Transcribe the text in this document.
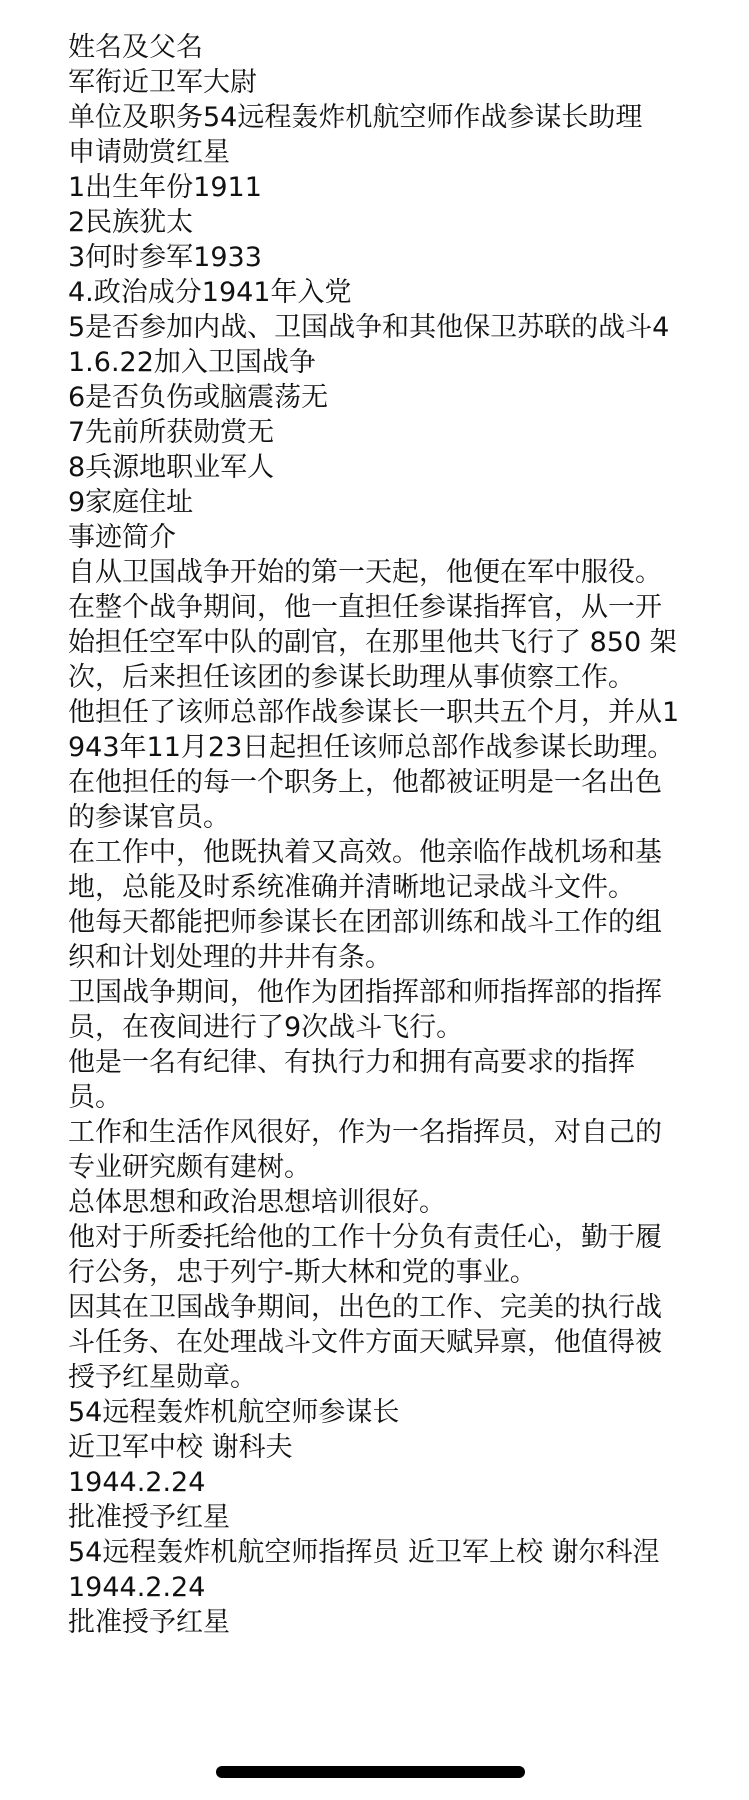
姓名及父名
军衔近卫军大尉
单位及职务54远程轰炸机航空师作战参谋长助理
申请勋赏红星
1出生年份1911
2民族犹太
3何时参军1933
4.政治成分1941年入党
5是否参加内战、卫国战争和其他保卫苏联的战斗41.6.22加入卫国战争
6是否负伤或脑震荡无
7先前所获勋赏无
8兵源地职业军人
9家庭住址
事迹简介
自从卫国战争开始的第一天起，他便在军中服役。在整个战争期间，他一直担任参谋指挥官，从一开始担任空军中队的副官，在那里他共飞行了 850 架次，后来担任该团的参谋长助理从事侦察工作。
他担任了该师总部作战参谋长一职共五个月，并从1943年11月23日起担任该师总部作战参谋长助理。
在他担任的每一个职务上，他都被证明是一名出色的参谋官员。
在工作中，他既执着又高效。他亲临作战机场和基地，总能及时系统准确并清晰地记录战斗文件。
他每天都能把师参谋长在团部训练和战斗工作的组织和计划处理的井井有条。
卫国战争期间，他作为团指挥部和师指挥部的指挥员，在夜间进行了9次战斗飞行。
他是一名有纪律、有执行力和拥有高要求的指挥员。
工作和生活作风很好，作为一名指挥员，对自己的专业研究颇有建树。
总体思想和政治思想培训很好。
他对于所委托给他的工作十分负有责任心，勤于履行公务，忠于列宁-斯大林和党的事业。
因其在卫国战争期间，出色的工作、完美的执行战斗任务、在处理战斗文件方面天赋异禀，他值得被授予红星勋章。
54远程轰炸机航空师参谋长
近卫军中校 谢科夫
1944.2.24
批准授予红星
54远程轰炸机航空师指挥员 近卫军上校 谢尔科涅
1944.2.24
批准授予红星
